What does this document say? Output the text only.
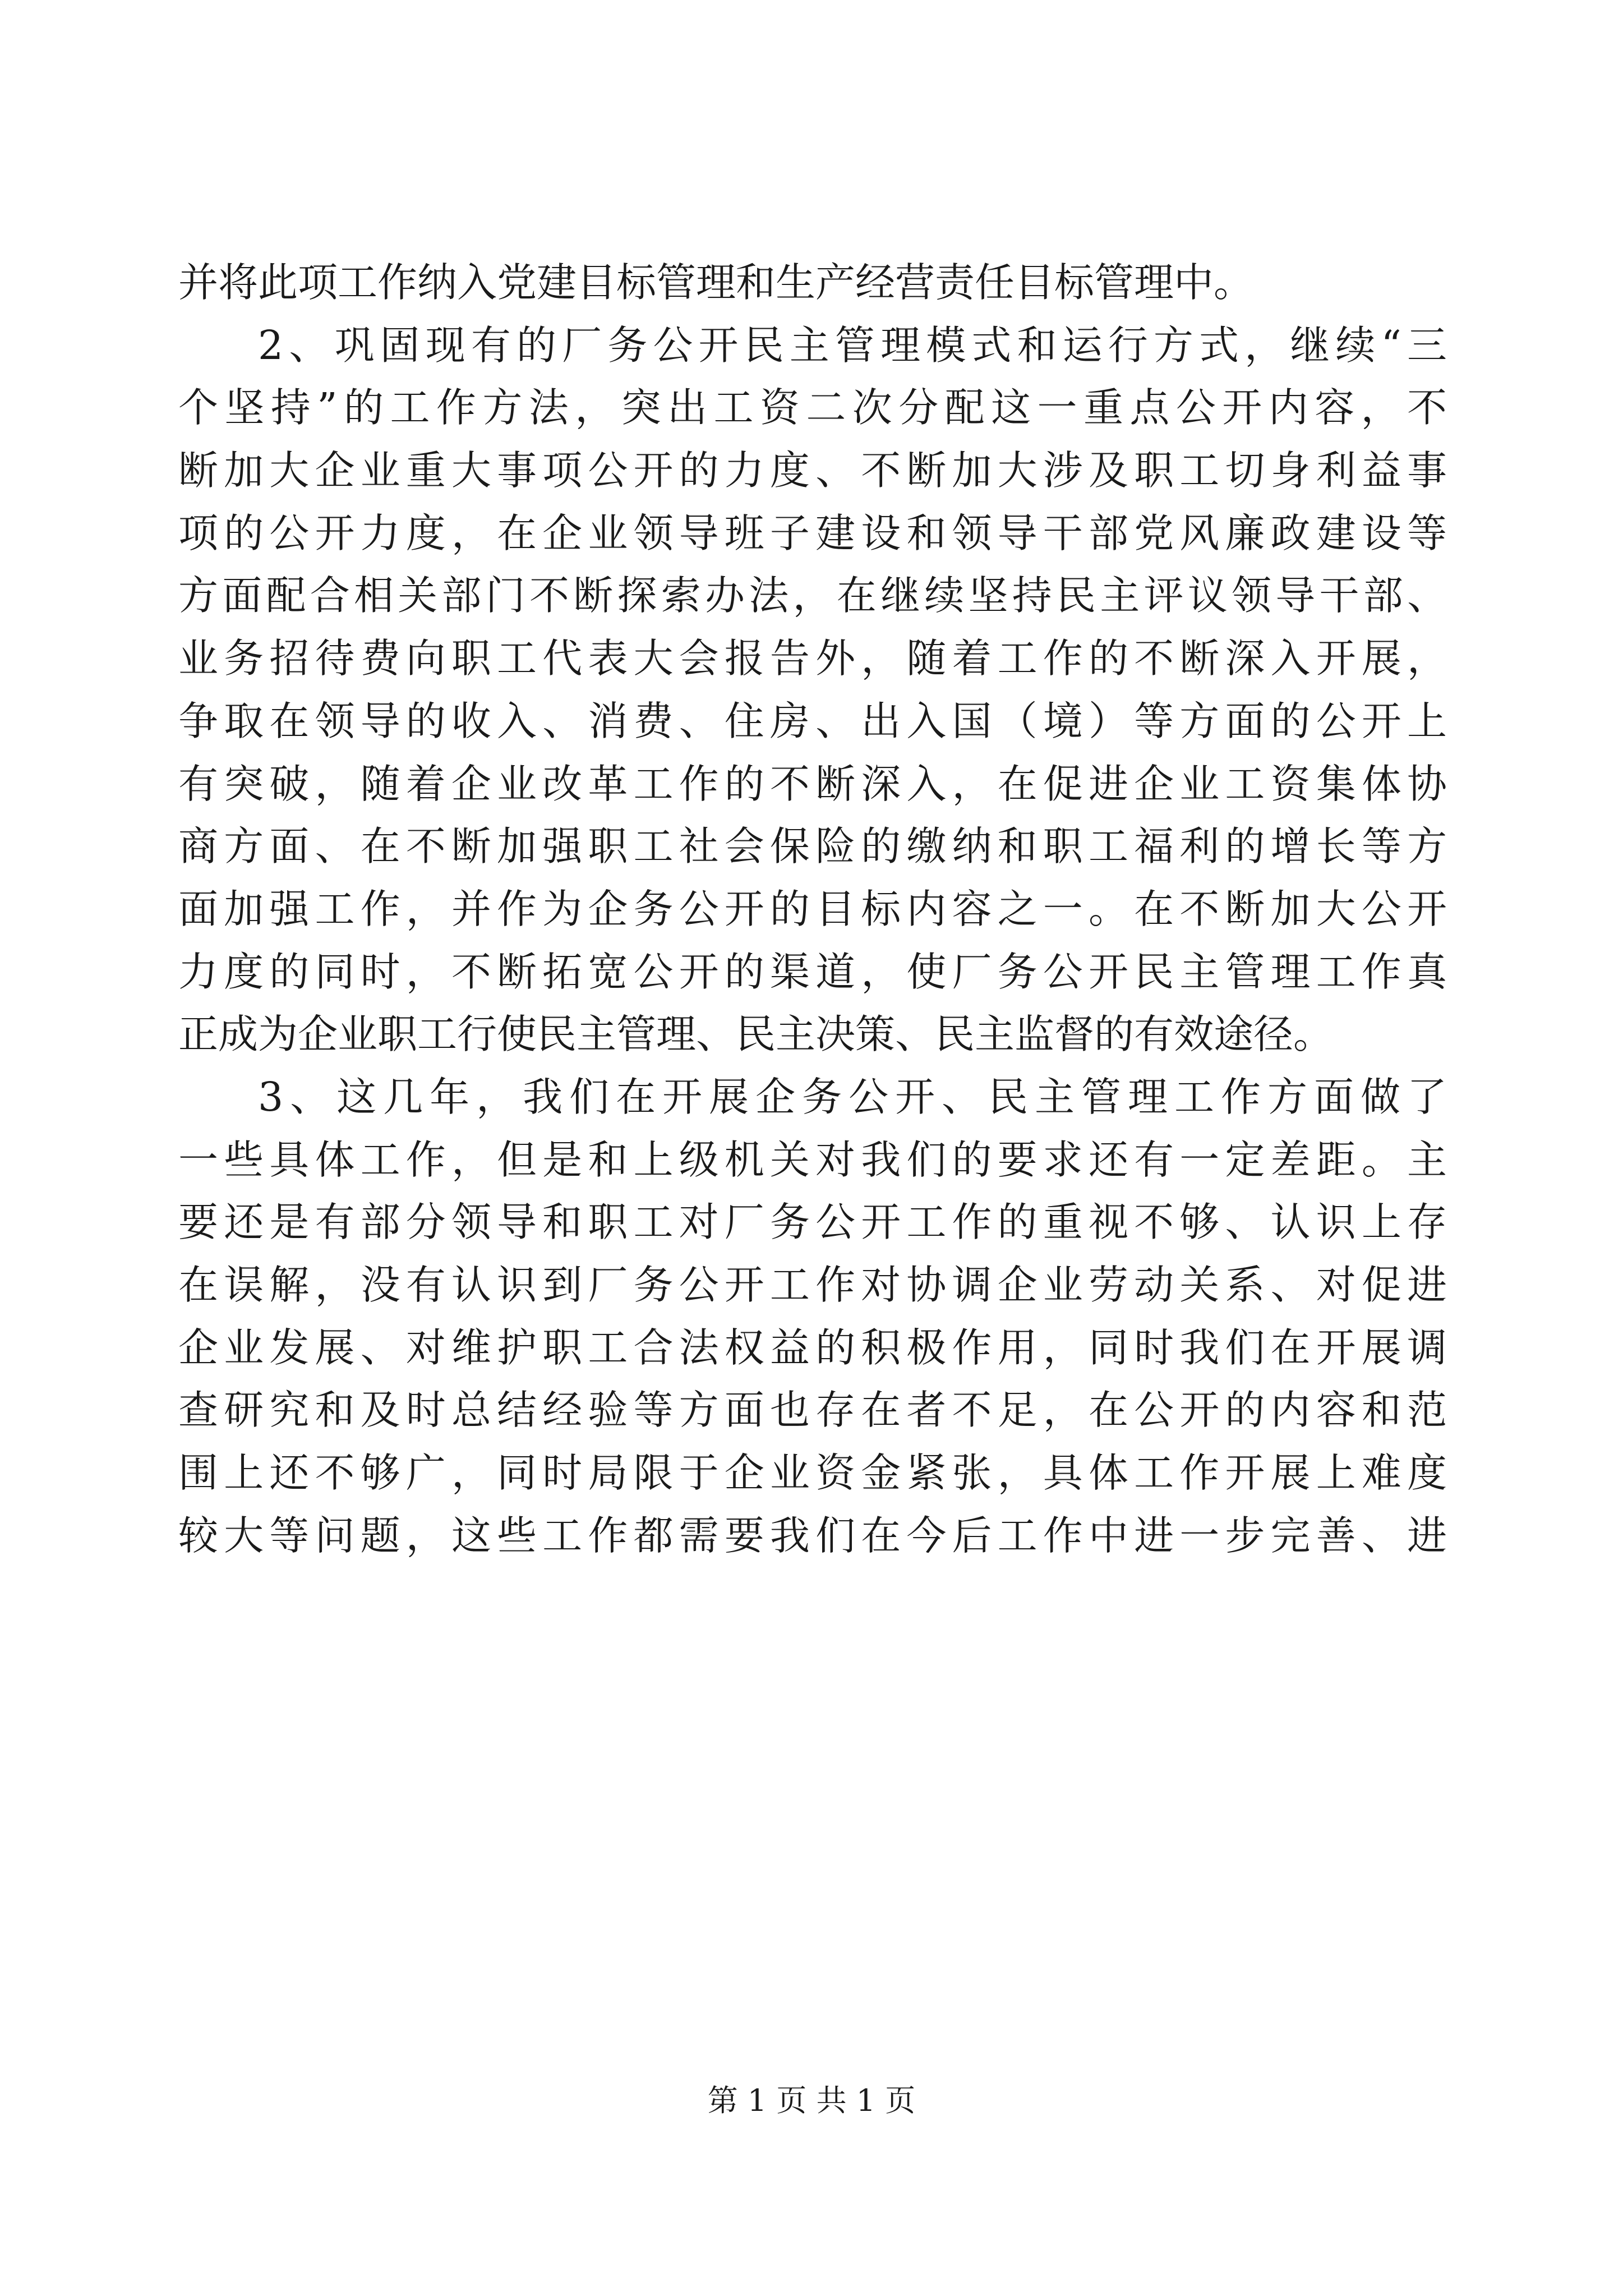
并将此项工作纳入党建目标管理和生产经营责任目标管理中。
2、巩固现有的厂务公开民主管理模式和运行方式，继续“三
个坚持”的工作方法，突出工资二次分配这一重点公开内容，不
断加大企业重大事项公开的力度、不断加大涉及职工切身利益事
项的公开力度，在企业领导班子建设和领导干部党风廉政建设等
方面配合相关部门不断探索办法，在继续坚持民主评议领导干部、
业务招待费向职工代表大会报告外，随着工作的不断深入开展，
争取在领导的收入、消费、住房、出入国（境）等方面的公开上
有突破，随着企业改革工作的不断深入，在促进企业工资集体协
商方面、在不断加强职工社会保险的缴纳和职工福利的增长等方
面加强工作，并作为企务公开的目标内容之一。在不断加大公开
力度的同时，不断拓宽公开的渠道，使厂务公开民主管理工作真
正成为企业职工行使民主管理、民主决策、民主监督的有效途径。
3、这几年，我们在开展企务公开、民主管理工作方面做了
一些具体工作，但是和上级机关对我们的要求还有一定差距。主
要还是有部分领导和职工对厂务公开工作的重视不够、认识上存
在误解，没有认识到厂务公开工作对协调企业劳动关系、对促进
企业发展、对维护职工合法权益的积极作用，同时我们在开展调
查研究和及时总结经验等方面也存在者不足，在公开的内容和范
围上还不够广，同时局限于企业资金紧张，具体工作开展上难度
较大等问题，这些工作都需要我们在今后工作中进一步完善、进
第 1 页 共 1 页
